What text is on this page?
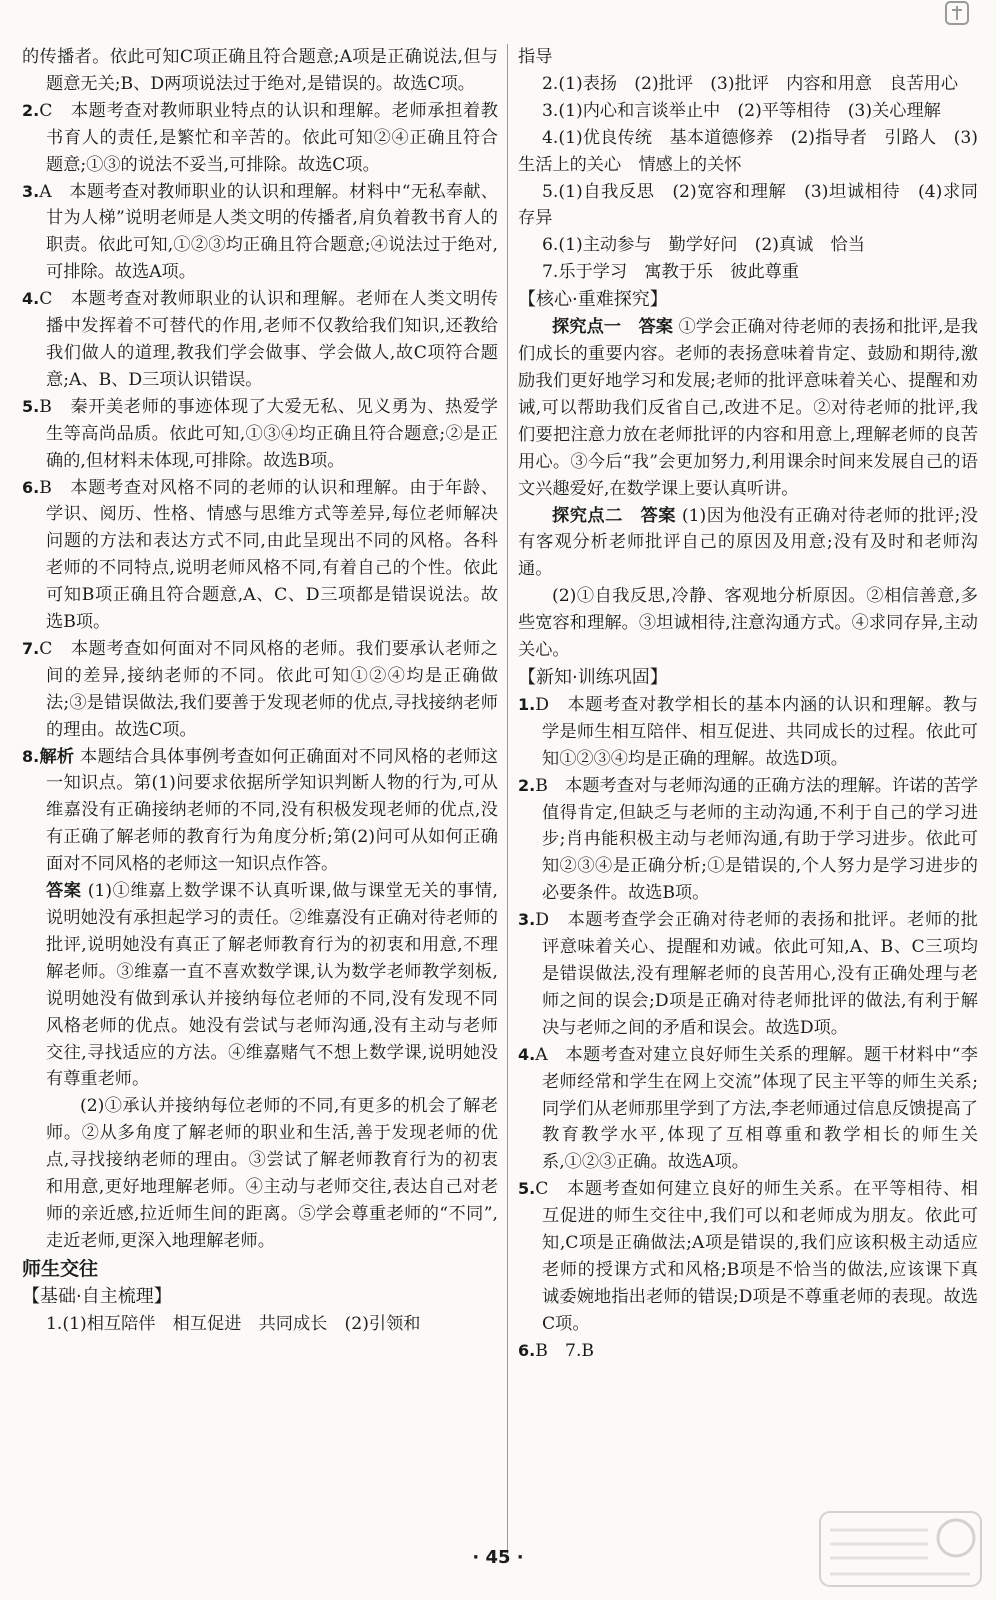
的传播者。依此可知C项正确且符合题意;A项是正确说法,但与题意无关;B、D两项说法过于绝对,是错误的。故选C项。

2.C　本题考查对教师职业特点的认识和理解。老师承担着教书育人的责任,是繁忙和辛苦的。依此可知②④正确且符合题意;①③的说法不妥当,可排除。故选C项。

3.A　本题考查对教师职业的认识和理解。材料中“无私奉献、甘为人梯”说明老师是人类文明的传播者,肩负着教书育人的职责。依此可知,①②③均正确且符合题意;④说法过于绝对,可排除。故选A项。

4.C　本题考查对教师职业的认识和理解。老师在人类文明传播中发挥着不可替代的作用,老师不仅教给我们知识,还教给我们做人的道理,教我们学会做事、学会做人,故C项符合题意;A、B、D三项认识错误。

5.B　秦开美老师的事迹体现了大爱无私、见义勇为、热爱学生等高尚品质。依此可知,①③④均正确且符合题意;②是正确的,但材料未体现,可排除。故选B项。

6.B　本题考查对风格不同的老师的认识和理解。由于年龄、学识、阅历、性格、情感与思维方式等差异,每位老师解决问题的方法和表达方式不同,由此呈现出不同的风格。各科老师的不同特点,说明老师风格不同,有着自己的个性。依此可知B项正确且符合题意,A、C、D三项都是错误说法。故选B项。

7.C　本题考查如何面对不同风格的老师。我们要承认老师之间的差异,接纳老师的不同。依此可知①②④均是正确做法;③是错误做法,我们要善于发现老师的优点,寻找接纳老师的理由。故选C项。

8.解析 本题结合具体事例考查如何正确面对不同风格的老师这一知识点。第(1)问要求依据所学知识判断人物的行为,可从维嘉没有正确接纳老师的不同,没有积极发现老师的优点,没有正确了解老师的教育行为角度分析;第(2)问可从如何正确面对不同风格的老师这一知识点作答。

答案 (1)①维嘉上数学课不认真听课,做与课堂无关的事情,说明她没有承担起学习的责任。②维嘉没有正确对待老师的批评,说明她没有真正了解老师教育行为的初衷和用意,不理解老师。③维嘉一直不喜欢数学课,认为数学老师教学刻板,说明她没有做到承认并接纳每位老师的不同,没有发现不同风格老师的优点。她没有尝试与老师沟通,没有主动与老师交往,寻找适应的方法。④维嘉赌气不想上数学课,说明她没有尊重老师。

(2)①承认并接纳每位老师的不同,有更多的机会了解老师。②从多角度了解老师的职业和生活,善于发现老师的优点,寻找接纳老师的理由。③尝试了解老师教育行为的初衷和用意,更好地理解老师。④主动与老师交往,表达自己对老师的亲近感,拉近师生间的距离。⑤学会尊重老师的“不同”,走近老师,更深入地理解老师。

师生交往

【基础·自主梳理】

1.(1)相互陪伴　相互促进　共同成长　(2)引领和

指导

2.(1)表扬　(2)批评　(3)批评　内容和用意　良苦用心

3.(1)内心和言谈举止中　(2)平等相待　(3)关心理解

4.(1)优良传统　基本道德修养　(2)指导者　引路人　(3)生活上的关心　情感上的关怀

5.(1)自我反思　(2)宽容和理解　(3)坦诚相待　(4)求同存异

6.(1)主动参与　勤学好问　(2)真诚　恰当

7.乐于学习　寓教于乐　彼此尊重

【核心·重难探究】

探究点一　答案 ①学会正确对待老师的表扬和批评,是我们成长的重要内容。老师的表扬意味着肯定、鼓励和期待,激励我们更好地学习和发展;老师的批评意味着关心、提醒和劝诫,可以帮助我们反省自己,改进不足。②对待老师的批评,我们要把注意力放在老师批评的内容和用意上,理解老师的良苦用心。③今后“我”会更加努力,利用课余时间来发展自己的语文兴趣爱好,在数学课上要认真听讲。

探究点二　答案 (1)因为他没有正确对待老师的批评;没有客观分析老师批评自己的原因及用意;没有及时和老师沟通。

(2)①自我反思,冷静、客观地分析原因。②相信善意,多些宽容和理解。③坦诚相待,注意沟通方式。④求同存异,主动关心。

【新知·训练巩固】

1.D　本题考查对教学相长的基本内涵的认识和理解。教与学是师生相互陪伴、相互促进、共同成长的过程。依此可知①②③④均是正确的理解。故选D项。

2.B　本题考查对与老师沟通的正确方法的理解。许诺的苦学值得肯定,但缺乏与老师的主动沟通,不利于自己的学习进步;肖冉能积极主动与老师沟通,有助于学习进步。依此可知②③④是正确分析;①是错误的,个人努力是学习进步的必要条件。故选B项。

3.D　本题考查学会正确对待老师的表扬和批评。老师的批评意味着关心、提醒和劝诫。依此可知,A、B、C三项均是错误做法,没有理解老师的良苦用心,没有正确处理与老师之间的误会;D项是正确对待老师批评的做法,有利于解决与老师之间的矛盾和误会。故选D项。

4.A　本题考查对建立良好师生关系的理解。题干材料中“李老师经常和学生在网上交流”体现了民主平等的师生关系;同学们从老师那里学到了方法,李老师通过信息反馈提高了教育教学水平,体现了互相尊重和教学相长的师生关系,①②③正确。故选A项。

5.C　本题考查如何建立良好的师生关系。在平等相待、相互促进的师生交往中,我们可以和老师成为朋友。依此可知,C项是正确做法;A项是错误的,我们应该积极主动适应老师的授课方式和风格;B项是不恰当的做法,应该课下真诚委婉地指出老师的错误;D项是不尊重老师的表现。故选C项。

6.B　7.B

· 45 ·
